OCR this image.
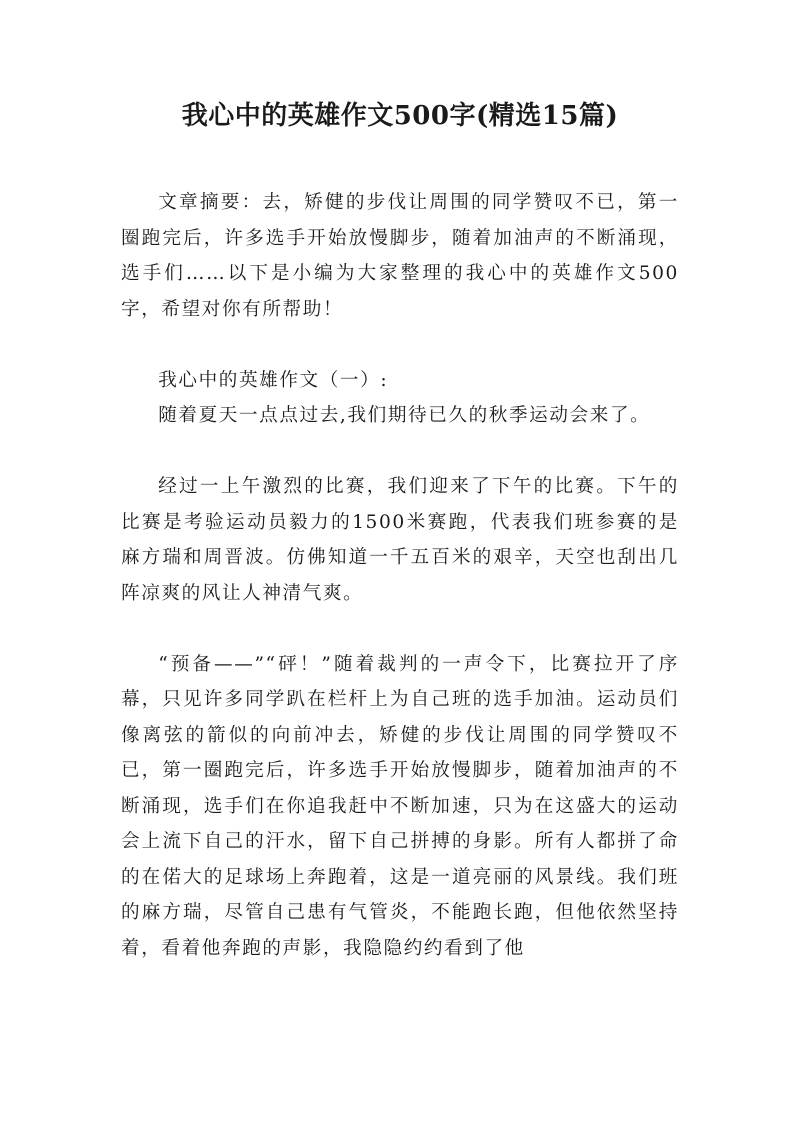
我心中的英雄作文500字(精选15篇)

文章摘要：去，矫健的步伐让周围的同学赞叹不已，第一圈跑完后，许多选手开始放慢脚步，随着加油声的不断涌现，选手们……以下是小编为大家整理的我心中的英雄作文500字，希望对你有所帮助！

我心中的英雄作文（一）:

随着夏天一点点过去,我们期待已久的秋季运动会来了。

经过一上午激烈的比赛，我们迎来了下午的比赛。下午的比赛是考验运动员毅力的1500米赛跑，代表我们班参赛的是麻方瑞和周晋波。仿佛知道一千五百米的艰辛，天空也刮出几阵凉爽的风让人神清气爽。

“预备——”“砰！”随着裁判的一声令下，比赛拉开了序幕，只见许多同学趴在栏杆上为自己班的选手加油。运动员们像离弦的箭似的向前冲去，矫健的步伐让周围的同学赞叹不已，第一圈跑完后，许多选手开始放慢脚步，随着加油声的不断涌现，选手们在你追我赶中不断加速，只为在这盛大的运动会上流下自己的汗水，留下自己拼搏的身影。所有人都拼了命的在偌大的足球场上奔跑着，这是一道亮丽的风景线。我们班的麻方瑞，尽管自己患有气管炎，不能跑长跑，但他依然坚持着，看着他奔跑的声影，我隐隐约约看到了他
